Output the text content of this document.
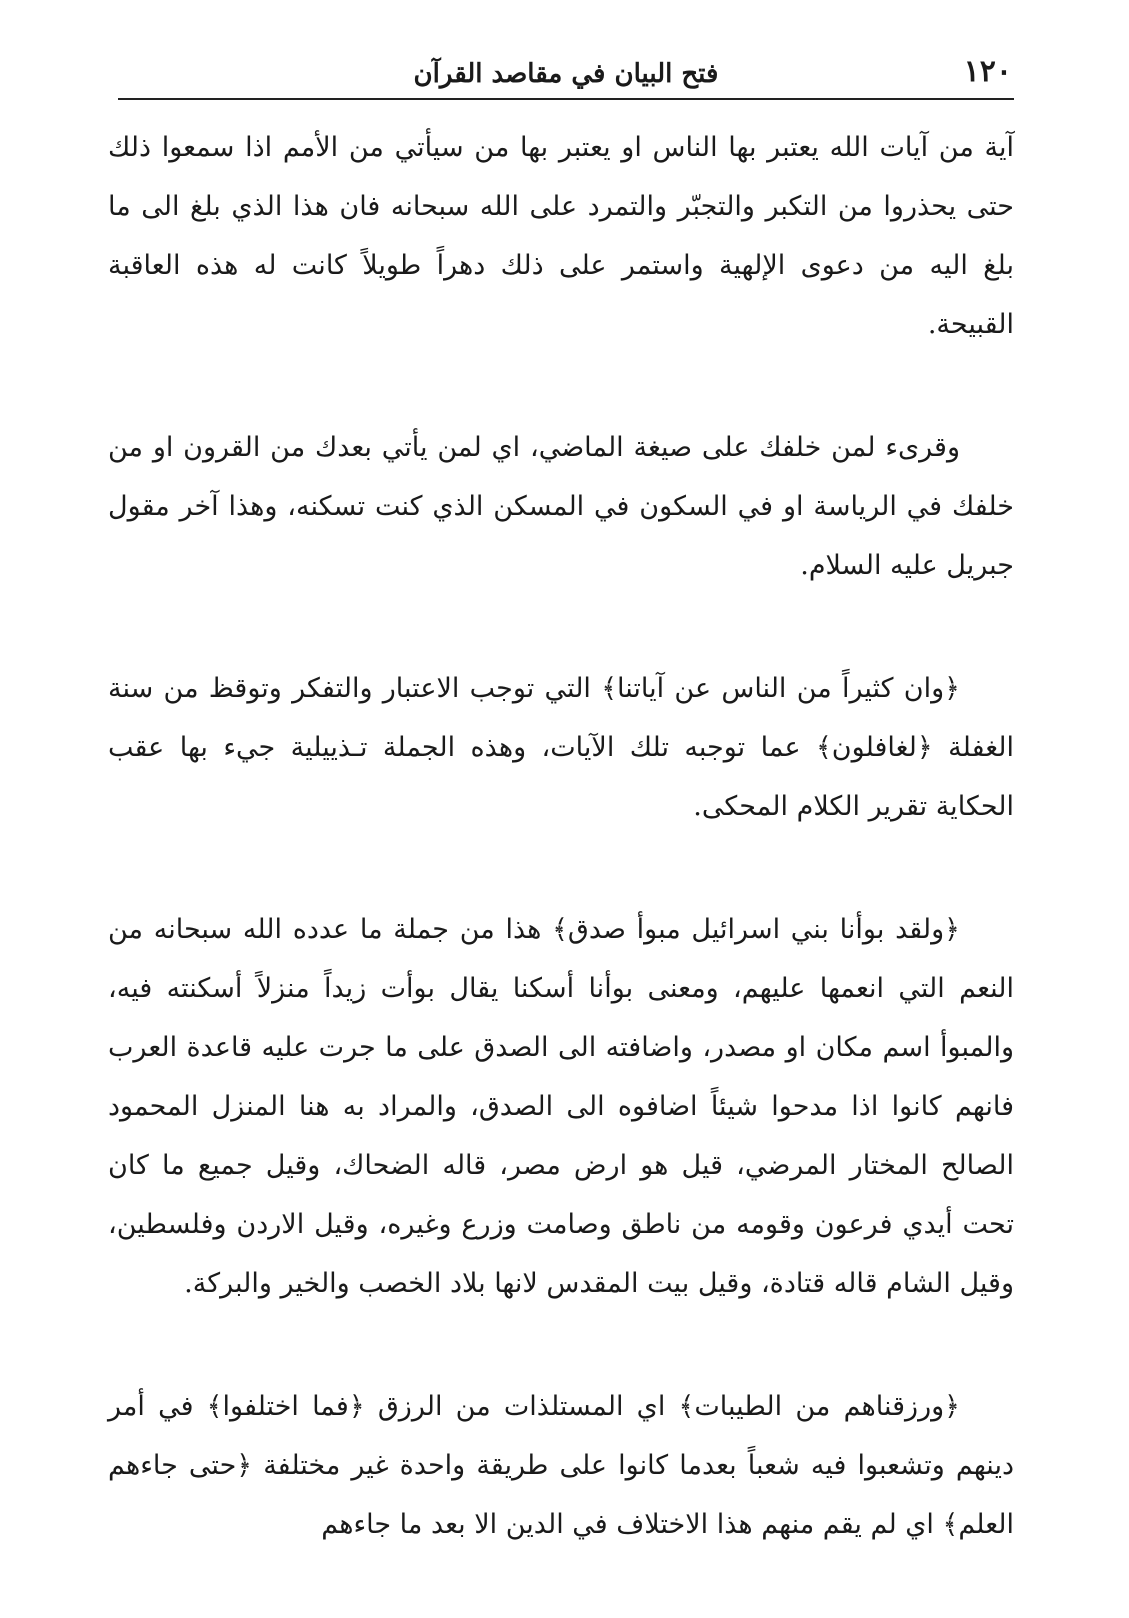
١٢٠
فتح البيان في مقاصد القرآن

آية من آيات الله يعتبر بها الناس او يعتبر بها من سيأتي من الأمم اذا سمعوا ذلك حتى يحذروا من التكبر والتجبّر والتمرد على الله سبحانه فان هذا الذي بلغ الى ما بلغ اليه من دعوى الإلهية واستمر على ذلك دهراً طويلاً كانت له هذه العاقبة القبيحة.

وقرىء لمن خلفك على صيغة الماضي، اي لمن يأتي بعدك من القرون او من خلفك في الرياسة او في السكون في المسكن الذي كنت تسكنه، وهذا آخر مقول جبريل عليه السلام.

﴿وان كثيراً من الناس عن آياتنا﴾ التي توجب الاعتبار والتفكر وتوقظ من سنة الغفلة ﴿لغافلون﴾ عما توجبه تلك الآيات، وهذه الجملة تـذييلية جيء بها عقب الحكاية تقرير الكلام المحكى.

﴿ولقد بوأنا بني اسرائيل مبوأ صدق﴾ هذا من جملة ما عدده الله سبحانه من النعم التي انعمها عليهم، ومعنى بوأنا أسكنا يقال بوأت زيداً منزلاً أسكنته فيه، والمبوأ اسم مكان او مصدر، واضافته الى الصدق على ما جرت عليه قاعدة العرب فانهم كانوا اذا مدحوا شيئاً اضافوه الى الصدق، والمراد به هنا المنزل المحمود الصالح المختار المرضي، قيل هو ارض مصر، قاله الضحاك، وقيل جميع ما كان تحت أيدي فرعون وقومه من ناطق وصامت وزرع وغيره، وقيل الاردن وفلسطين، وقيل الشام قاله قتادة، وقيل بيت المقدس لانها بلاد الخصب والخير والبركة.

﴿ورزقناهم من الطيبات﴾ اي المستلذات من الرزق ﴿فما اختلفوا﴾ في أمر دينهم وتشعبوا فيه شعباً بعدما كانوا على طريقة واحدة غير مختلفة ﴿حتى جاءهم العلم﴾ اي لم يقم منهم هذا الاختلاف في الدين الا بعد ما جاءهم
